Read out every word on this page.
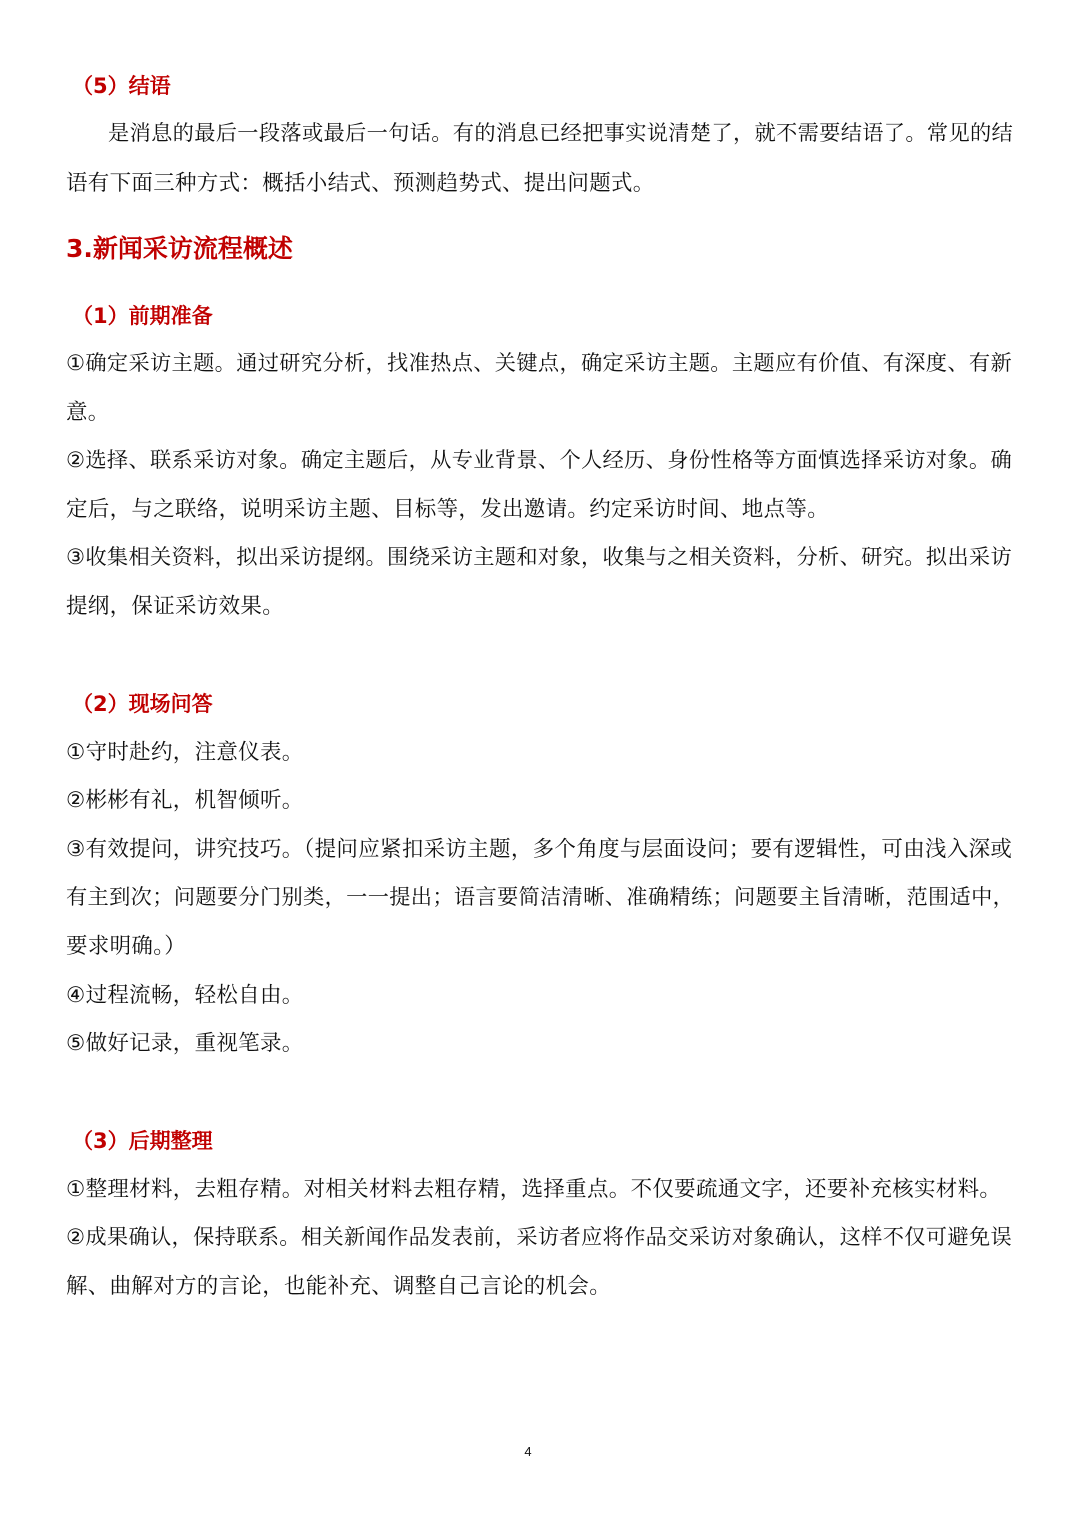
（5）结语
是消息的最后一段落或最后一句话。有的消息已经把事实说清楚了，就不需要结语了。常见的结
语有下面三种方式：概括小结式、预测趋势式、提出问题式。
3.新闻采访流程概述
（1）前期准备
①确定采访主题。通过研究分析，找准热点、关键点，确定采访主题。主题应有价值、有深度、有新
意。
②选择、联系采访对象。确定主题后，从专业背景、个人经历、身份性格等方面慎选择采访对象。确
定后，与之联络，说明采访主题、目标等，发出邀请。约定采访时间、地点等。
③收集相关资料，拟出采访提纲。围绕采访主题和对象，收集与之相关资料，分析、研究。拟出采访
提纲，保证采访效果。
（2）现场问答
①守时赴约，注意仪表。
②彬彬有礼，机智倾听。
③有效提问，讲究技巧。（提问应紧扣采访主题，多个角度与层面设问；要有逻辑性，可由浅入深或
有主到次；问题要分门别类，一一提出；语言要简洁清晰、准确精练；问题要主旨清晰，范围适中，
要求明确。）
④过程流畅，轻松自由。
⑤做好记录，重视笔录。
（3）后期整理
①整理材料，去粗存精。对相关材料去粗存精，选择重点。不仅要疏通文字，还要补充核实材料。
②成果确认，保持联系。相关新闻作品发表前，采访者应将作品交采访对象确认，这样不仅可避免误
解、曲解对方的言论，也能补充、调整自己言论的机会。
4
